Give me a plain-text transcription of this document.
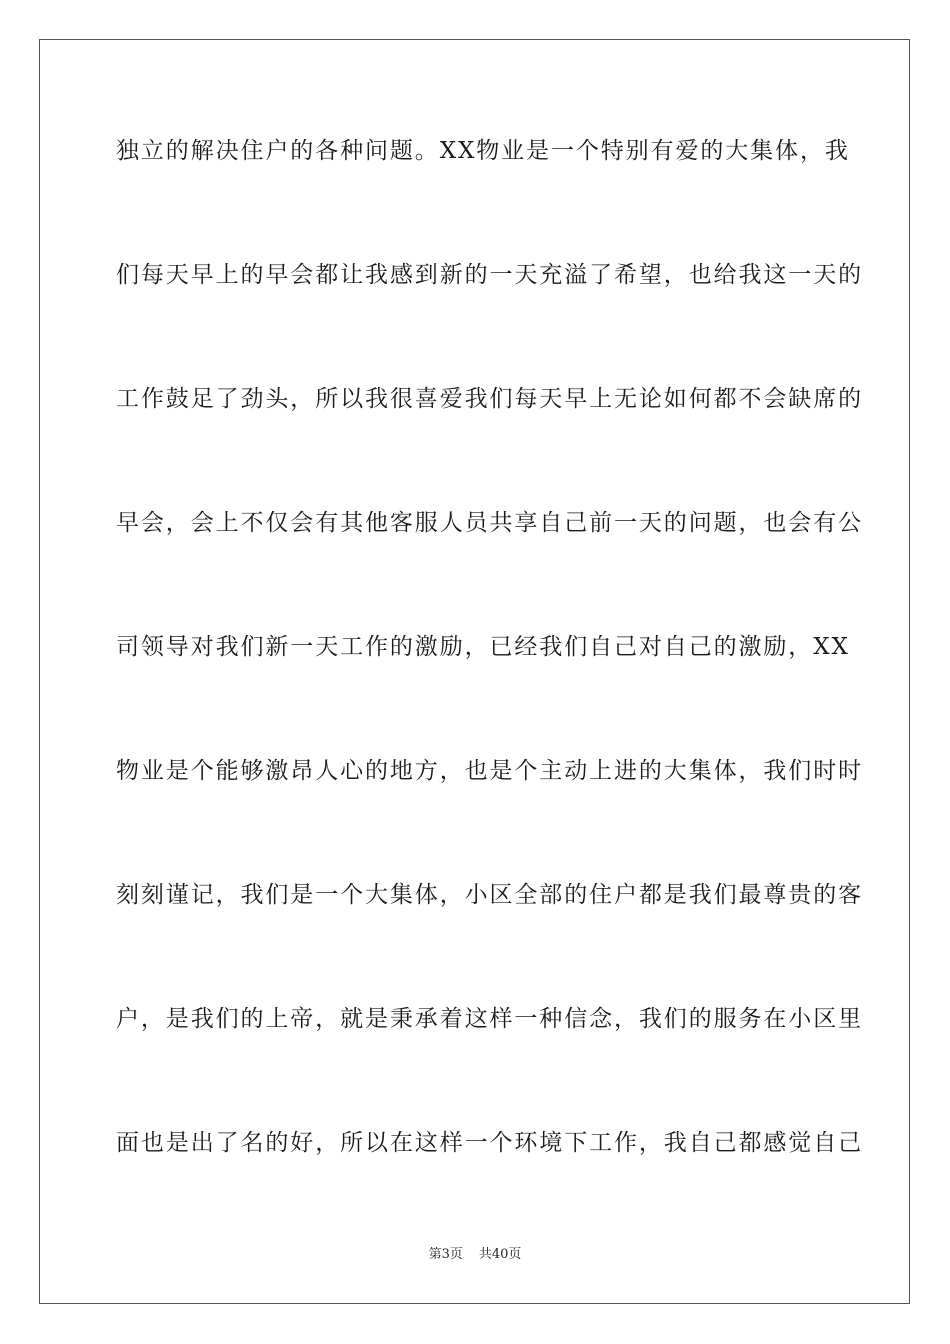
独立的解决住户的各种问题。XX物业是一个特别有爱的大集体，我
们每天早上的早会都让我感到新的一天充溢了希望，也给我这一天的
工作鼓足了劲头，所以我很喜爱我们每天早上无论如何都不会缺席的
早会，会上不仅会有其他客服人员共享自己前一天的问题，也会有公
司领导对我们新一天工作的激励，已经我们自己对自己的激励，XX
物业是个能够激昂人心的地方，也是个主动上进的大集体，我们时时
刻刻谨记，我们是一个大集体，小区全部的住户都是我们最尊贵的客
户，是我们的上帝，就是秉承着这样一种信念，我们的服务在小区里
面也是出了名的好，所以在这样一个环境下工作，我自己都感觉自己
第3页 共40页
